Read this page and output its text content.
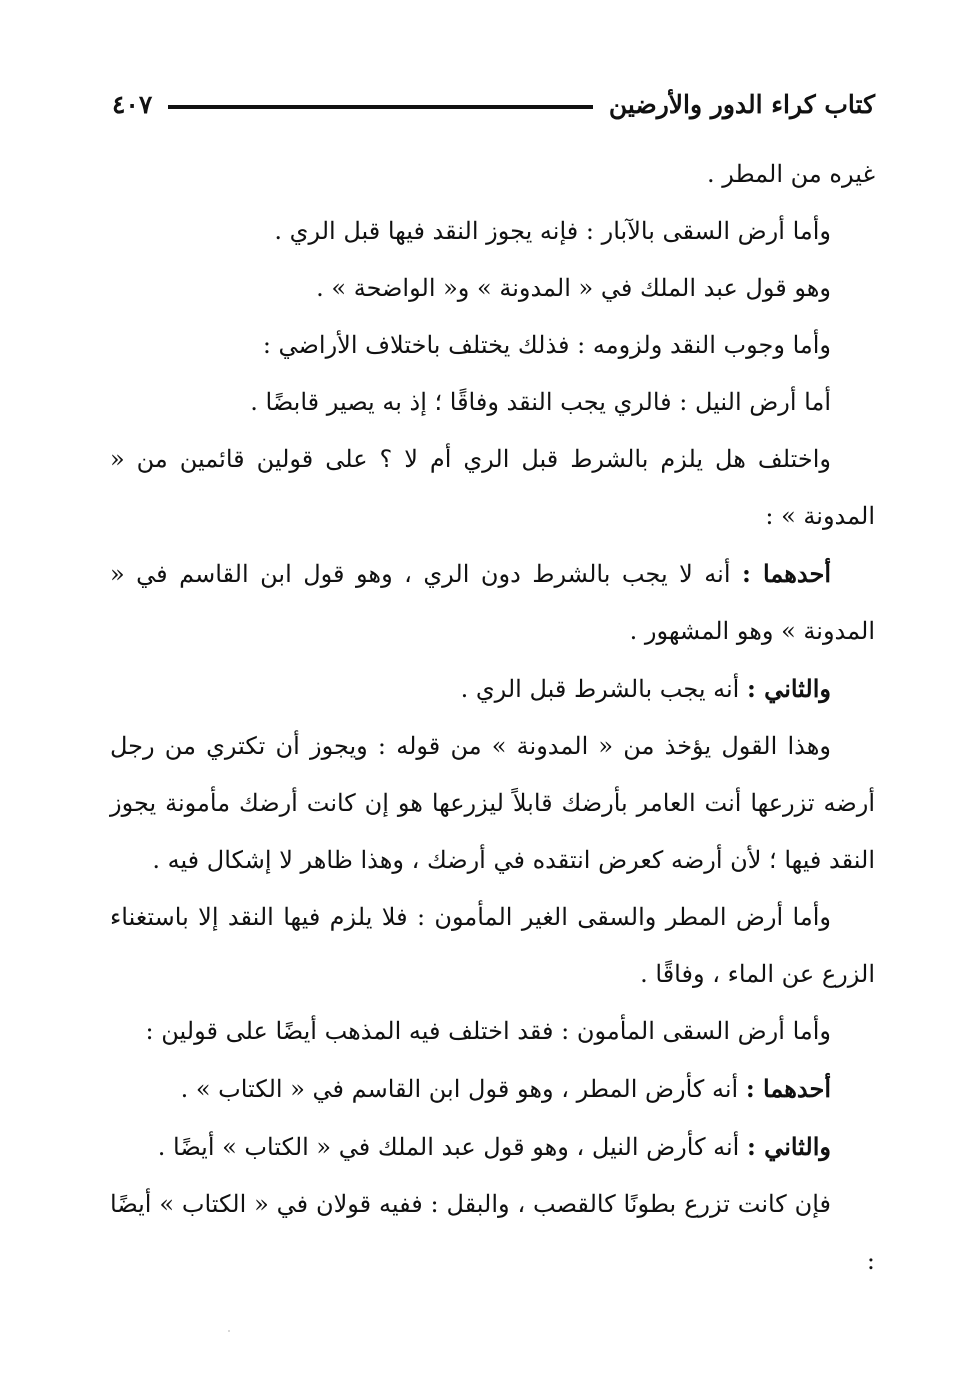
كتاب كراء الدور والأرضين
٤٠٧

غيره من المطر .

وأما أرض السقى بالآبار : فإنه يجوز النقد فيها قبل الري .

وهو قول عبد الملك في « المدونة » و« الواضحة » .

وأما وجوب النقد ولزومه : فذلك يختلف باختلاف الأراضي :

أما أرض النيل : فالري يجب النقد وفاقًا ؛ إذ به يصير قابضًا .

واختلف هل يلزم بالشرط قبل الري أم لا ؟ على قولين قائمين من « المدونة » :

أحدهما : أنه لا يجب بالشرط دون الري ، وهو قول ابن القاسم في « المدونة » وهو المشهور .

والثاني : أنه يجب بالشرط قبل الري .

وهذا القول يؤخذ من « المدونة » من قوله : ويجوز أن تكتري من رجل أرضه تزرعها أنت العامر بأرضك قابلاً ليزرعها هو إن كانت أرضك مأمونة يجوز النقد فيها ؛ لأن أرضه كعرض انتقده في أرضك ، وهذا ظاهر لا إشكال فيه .

وأما أرض المطر والسقى الغير المأمون : فلا يلزم فيها النقد إلا باستغناء الزرع عن الماء ، وفاقًا .

وأما أرض السقى المأمون : فقد اختلف فيه المذهب أيضًا على قولين :

أحدهما : أنه كأرض المطر ، وهو قول ابن القاسم في « الكتاب » .

والثاني : أنه كأرض النيل ، وهو قول عبد الملك في « الكتاب » أيضًا .

فإن كانت تزرع بطونًا كالقصب ، والبقل : ففيه قولان في « الكتاب » أيضًا :
